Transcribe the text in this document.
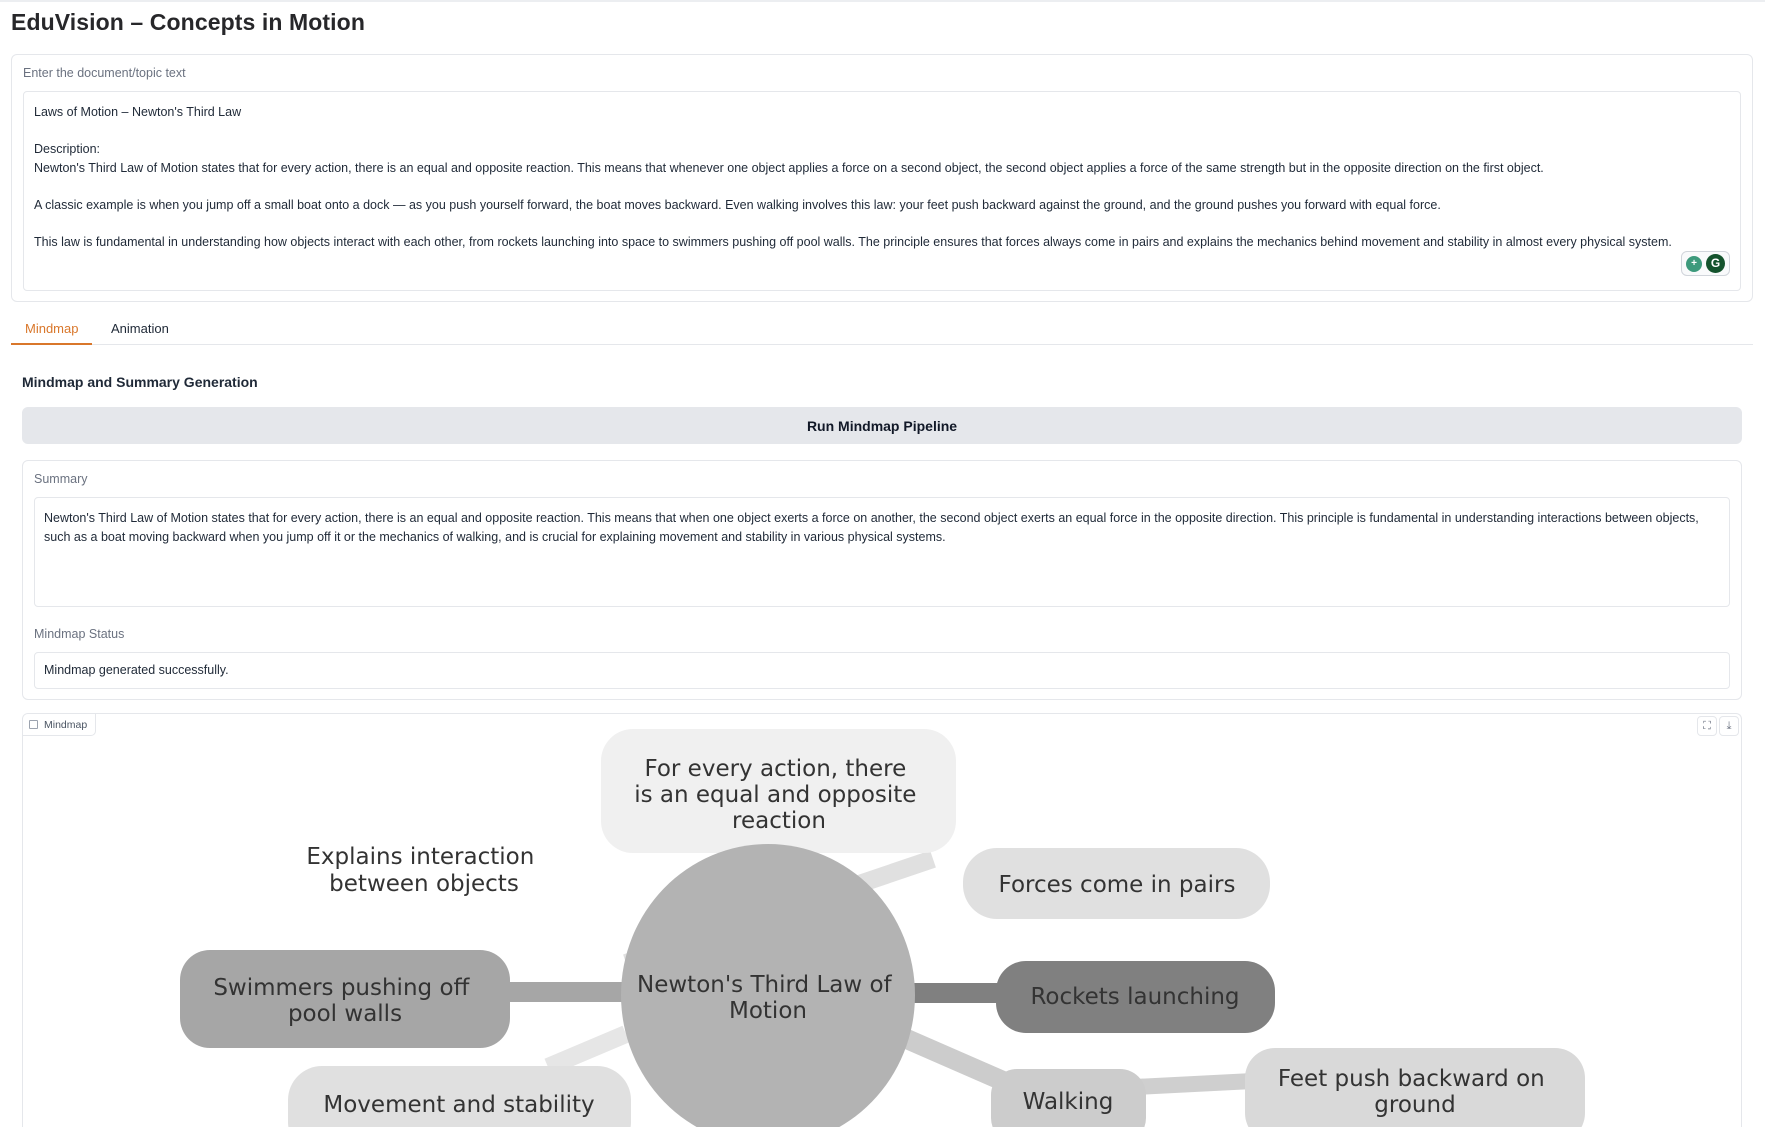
EduVision – Concepts in Motion
Enter the document/topic text

Laws of Motion – Newton's Third Law

Description:

Newton's Third Law of Motion states that for every action, there is an equal and opposite reaction. This means that whenever one object applies a force on a second object, the second object applies a force of the same strength but in the opposite direction on the first object.

A classic example is when you jump off a small boat onto a dock — as you push yourself forward, the boat moves backward. Even walking involves this law: your feet push backward against the ground, and the ground pushes you forward with equal force.

This law is fundamental in understanding how objects interact with each other, from rockets launching into space to swimmers pushing off pool walls. The principle ensures that forces always come in pairs and explains the mechanics behind movement and stability in almost every physical system.

+	G
Mindmap	Animation
Mindmap and Summary Generation
Run Mindmap Pipeline
Summary
Newton's Third Law of Motion states that for every action, there is an equal and opposite reaction. This means that when one object exerts a force on another, the second object exerts an equal force in the opposite direction. This principle is fundamental in understanding interactions between objects, such as a boat moving backward when you jump off it or the mechanics of walking, and is crucial for explaining movement and stability in various physical systems.
Mindmap Status
Mindmap generated successfully.
For every action, there is an equal and opposite reaction
Explains interaction between objects	Forces come in pairs
Swimmers pushing off pool walls
Newton's Third Law of Motion
Rockets launching
Movement and stability	Walking
Feet push backward on ground
Mindmap	⛶	⤓
